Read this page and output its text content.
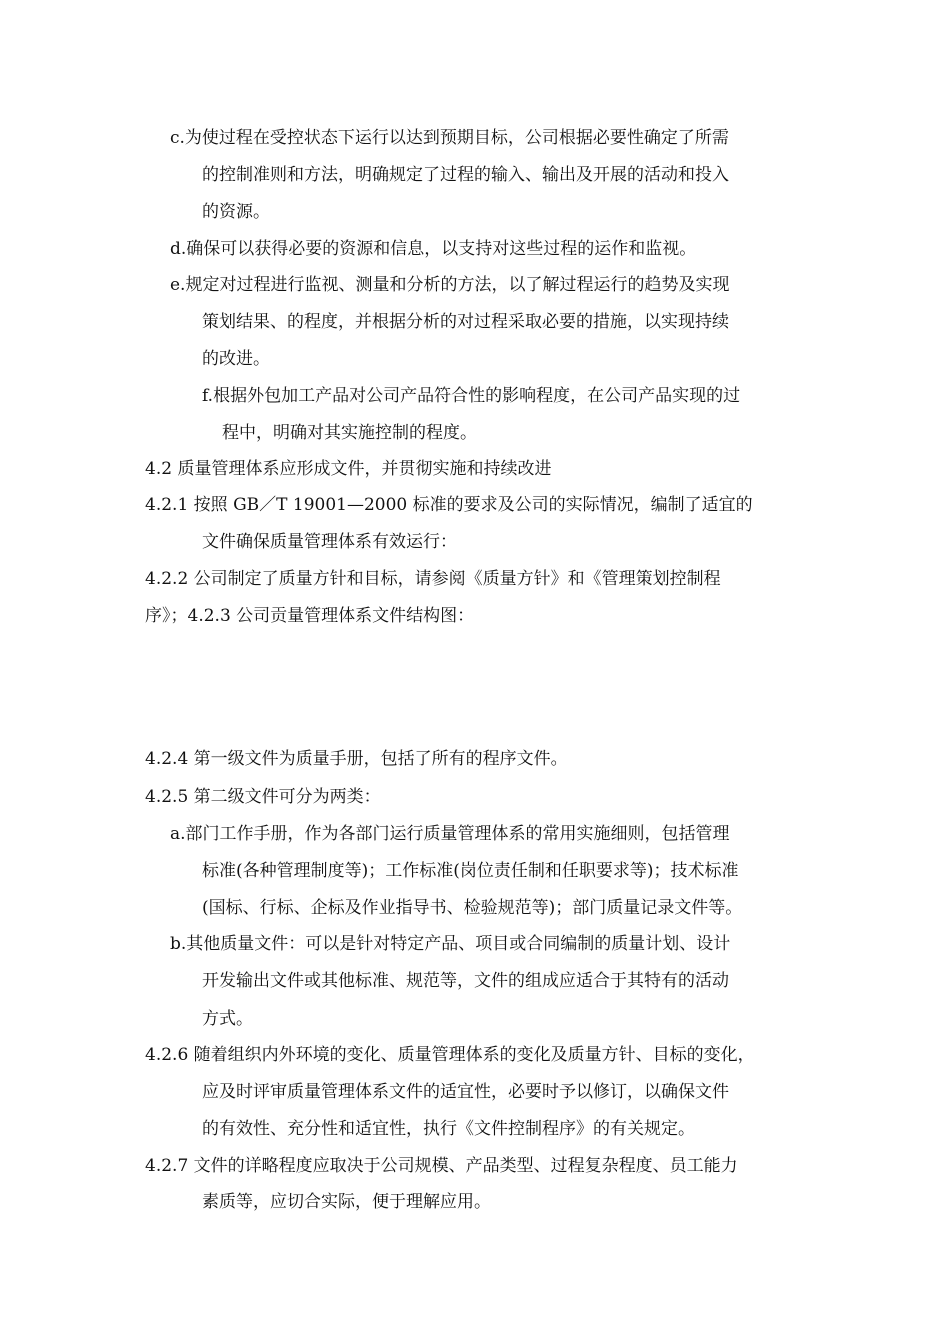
c.为使过程在受控状态下运行以达到预期目标，公司根据必要性确定了所需
的控制准则和方法，明确规定了过程的输入、输出及开展的活动和投入
的资源。
d.确保可以获得必要的资源和信息，以支持对这些过程的运作和监视。
e.规定对过程进行监视、测量和分析的方法，以了解过程运行的趋势及实现
策划结果、的程度，并根据分析的对过程采取必要的措施，以实现持续
的改进。
f.根据外包加工产品对公司产品符合性的影响程度，在公司产品实现的过
程中，明确对其实施控制的程度。
4.2 质量管理体系应形成文件，并贯彻实施和持续改进
4.2.1 按照 GB／T 19001—2000 标准的要求及公司的实际情况，编制了适宜的
文件确保质量管理体系有效运行：
4.2.2 公司制定了质量方针和目标，请参阅《质量方针》和《管理策划控制程
序》；4.2.3 公司贡量管理体系文件结构图：
4.2.4 第一级文件为质量手册，包括了所有的程序文件。
4.2.5 第二级文件可分为两类：
a.部门工作手册，作为各部门运行质量管理体系的常用实施细则，包括管理
标准(各种管理制度等)；工作标准(岗位责任制和任职要求等)；技术标准
(国标、行标、企标及作业指导书、检验规范等)；部门质量记录文件等。
b.其他质量文件：可以是针对特定产品、项目或合同编制的质量计划、设计
开发输出文件或其他标准、规范等，文件的组成应适合于其特有的活动
方式。
4.2.6 随着组织内外环境的变化、质量管理体系的变化及质量方针、目标的变化，
应及时评审质量管理体系文件的适宜性，必要时予以修订，以确保文件
的有效性、充分性和适宜性，执行《文件控制程序》的有关规定。
4.2.7 文件的详略程度应取决于公司规模、产品类型、过程复杂程度、员工能力
素质等，应切合实际，便于理解应用。
